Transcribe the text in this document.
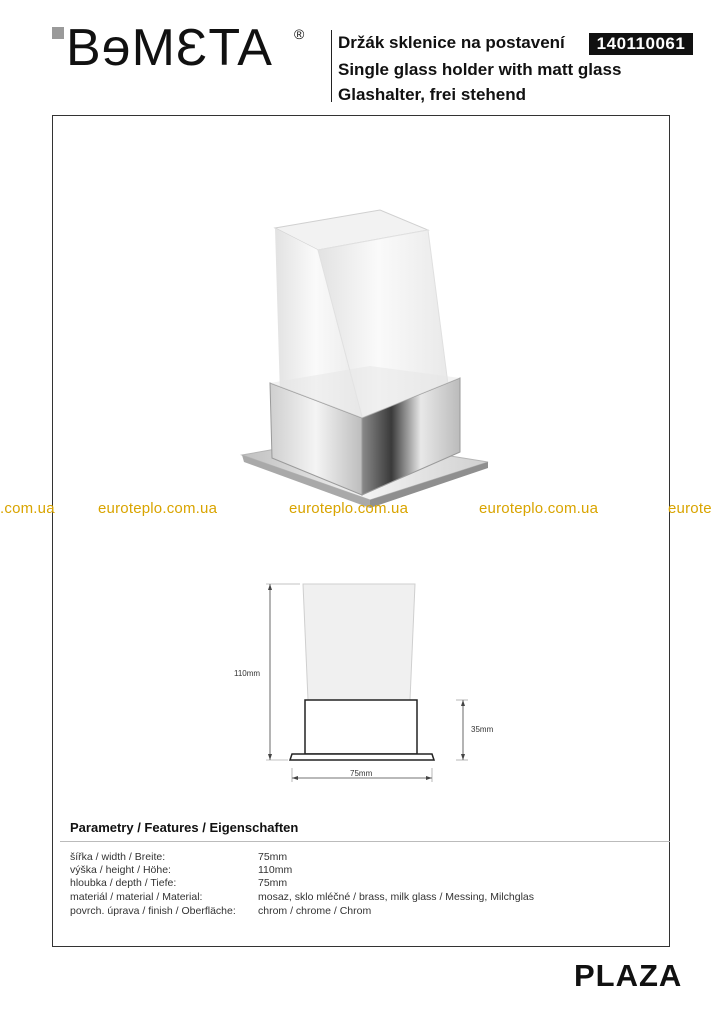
BɘMƐTA ® Držák sklenice na postavení
Single glass holder with matt glass
Glashalter, frei stehend
140110061
.com.ua	euroteplo.com.ua	euroteplo.com.ua	euroteplo.com.ua	eurote
110mm
35mm
75mm
Parametry / Features / Eigenschaften
šířka / width / Breite:	75mm
výška / height / Höhe:	110mm
hloubka / depth / Tiefe:	75mm
materiál / material / Material:	mosaz, sklo mléčné / brass, milk glass / Messing, Milchglas
povrch. úprava / finish / Oberfläche: chrom / chrome / Chrom
PLAZA
